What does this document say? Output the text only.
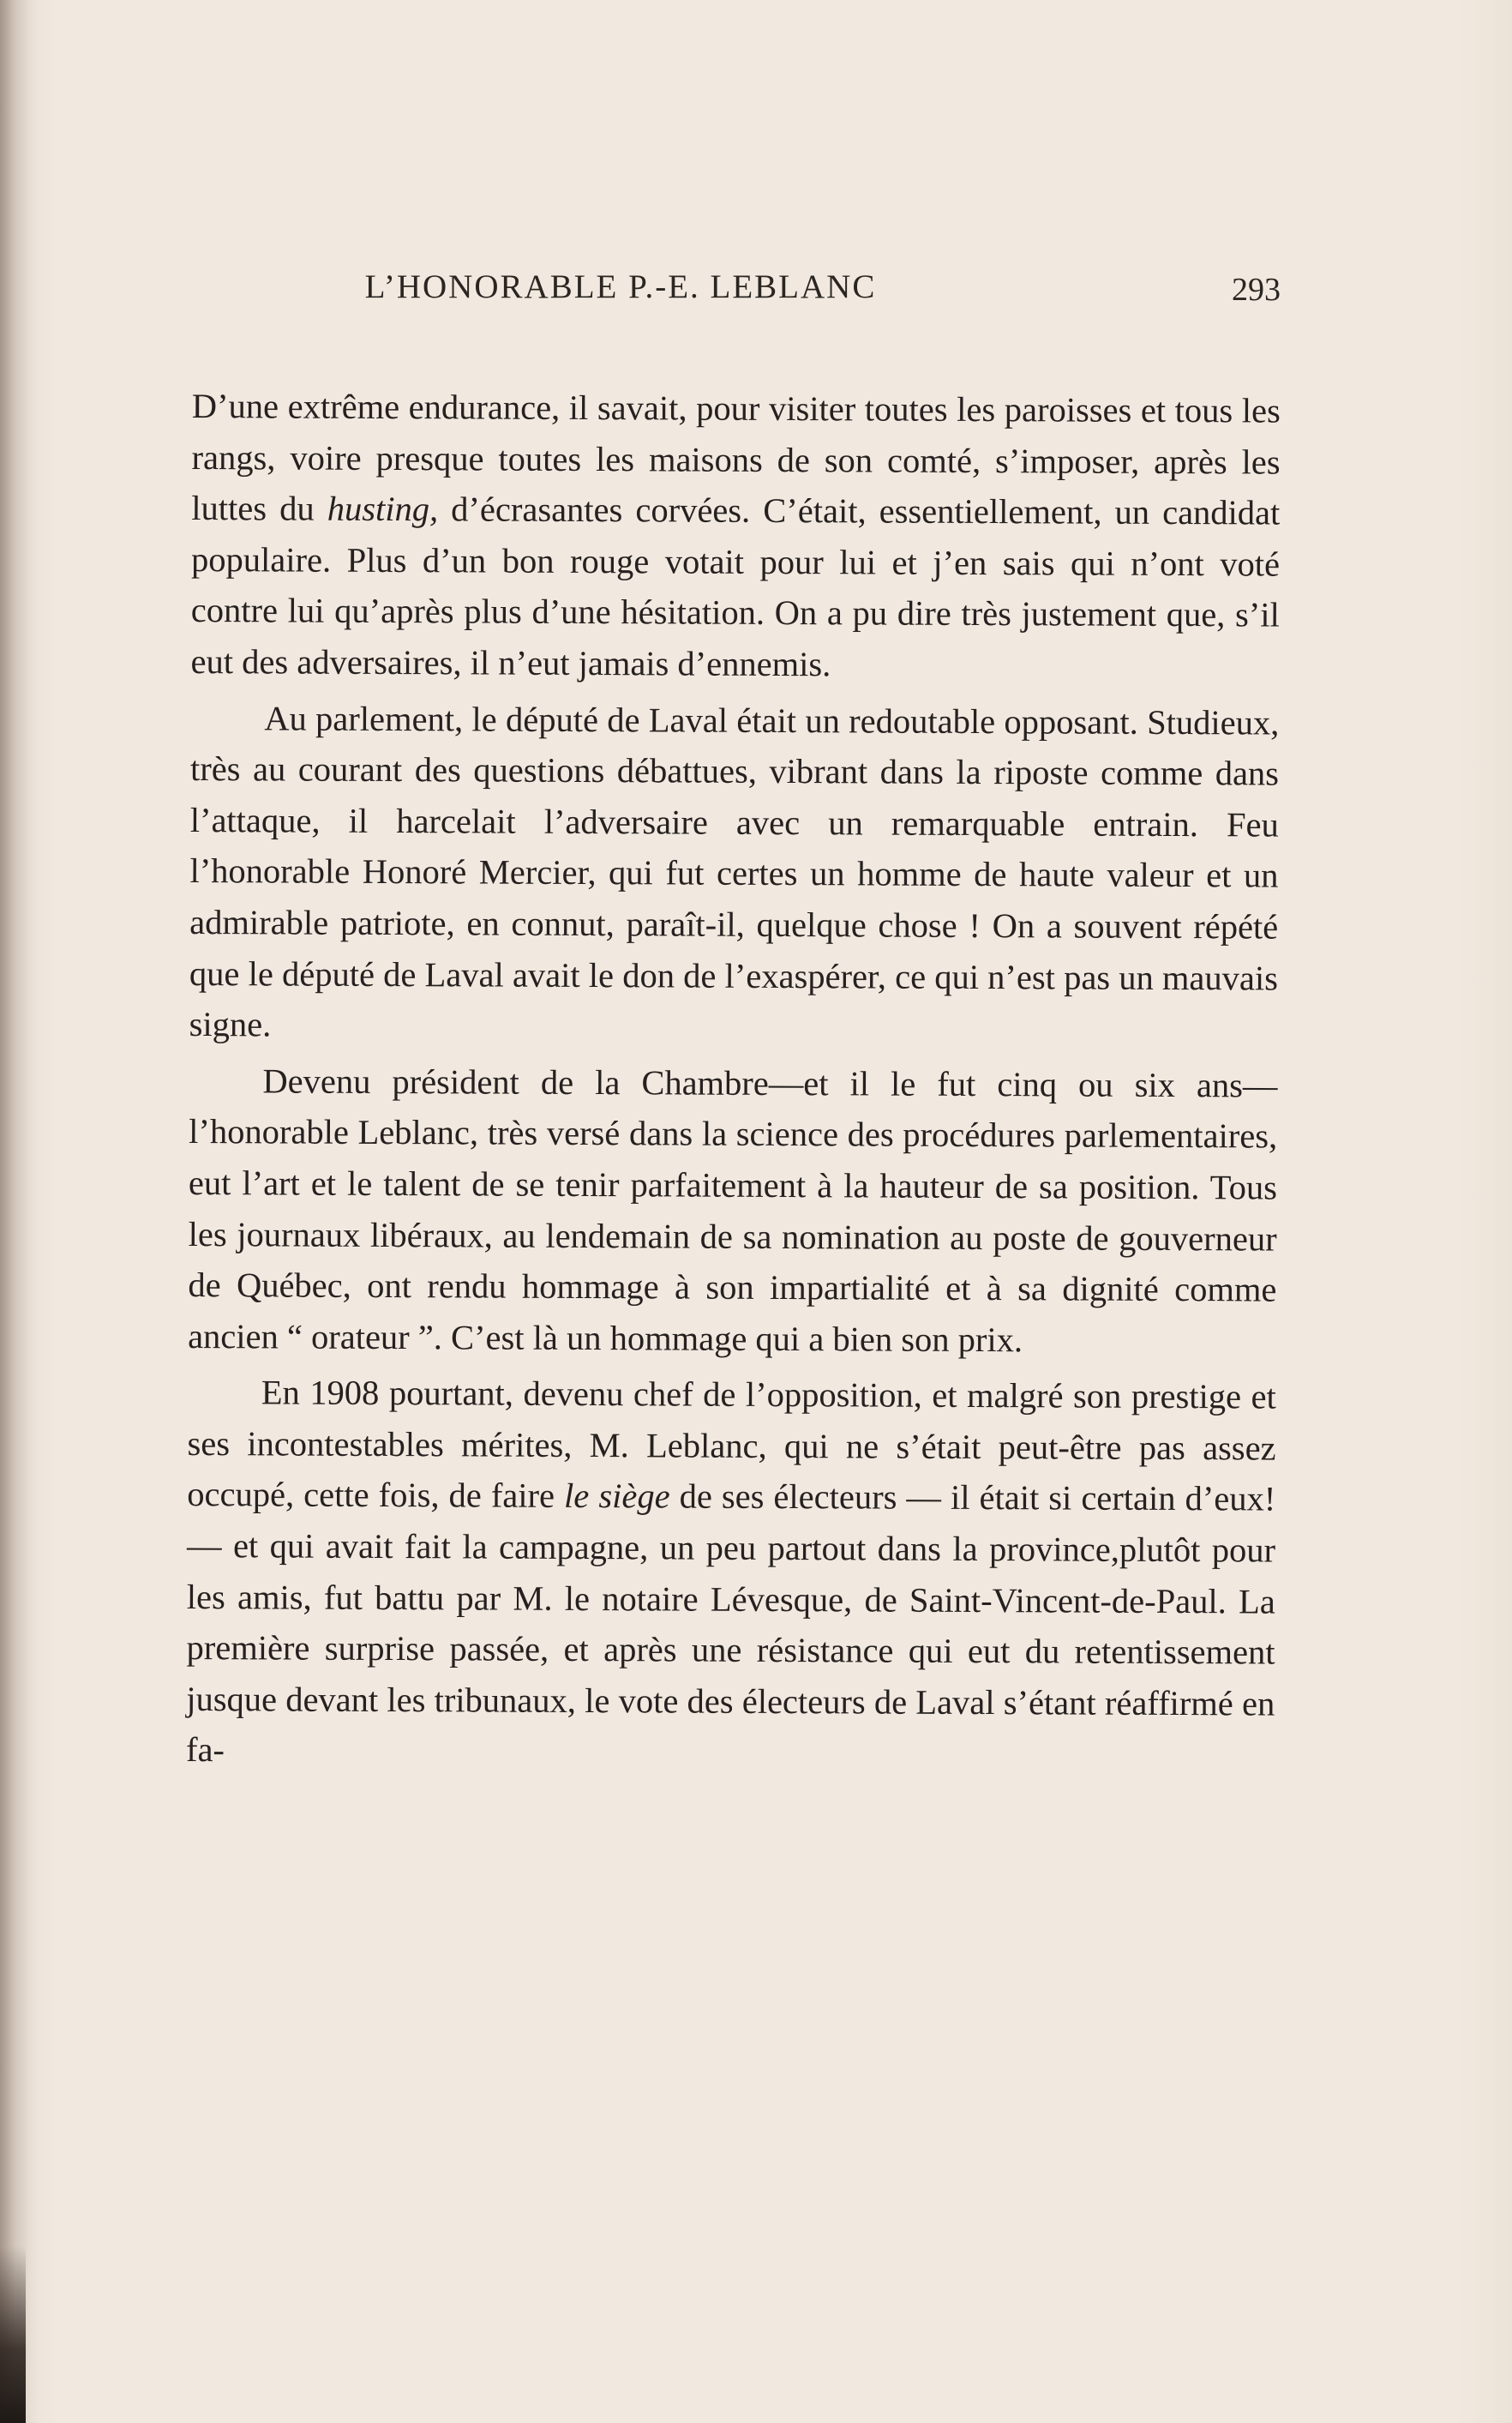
L’HONORABLE P.-E. LEBLANC	293

D’une extrême endurance, il savait, pour visiter toutes les paroisses et tous les rangs, voire presque toutes les maisons de son comté, s’imposer, après les luttes du husting, d’écrasantes corvées. C’était, essentiellement, un candidat populaire. Plus d’un bon rouge votait pour lui et j’en sais qui n’ont voté contre lui qu’après plus d’une hésitation. On a pu dire très justement que, s’il eut des adversaires, il n’eut jamais d’ennemis.

Au parlement, le député de Laval était un redoutable opposant. Studieux, très au courant des questions débattues, vibrant dans la riposte comme dans l’attaque, il harcelait l’adversaire avec un remarquable entrain. Feu l’honorable Honoré Mercier, qui fut certes un homme de haute valeur et un admirable patriote, en connut, paraît-il, quelque chose ! On a souvent répété que le député de Laval avait le don de l’exaspérer, ce qui n’est pas un mauvais signe.

Devenu président de la Chambre—et il le fut cinq ou six ans—l’honorable Leblanc, très versé dans la science des procédures parlementaires, eut l’art et le talent de se tenir parfaitement à la hauteur de sa position. Tous les journaux libéraux, au lendemain de sa nomination au poste de gouverneur de Québec, ont rendu hommage à son impartialité et à sa dignité comme ancien “ orateur ”. C’est là un hommage qui a bien son prix.

En 1908 pourtant, devenu chef de l’opposition, et malgré son prestige et ses incontestables mérites, M. Leblanc, qui ne s’était peut-être pas assez occupé, cette fois, de faire le siège de ses électeurs — il était si certain d’eux! — et qui avait fait la campagne, un peu partout dans la province,plutôt pour les amis, fut battu par M. le notaire Lévesque, de Saint-Vincent-de-Paul. La première surprise passée, et après une résistance qui eut du retentissement jusque devant les tribunaux, le vote des électeurs de Laval s’étant réaffirmé en fa-
